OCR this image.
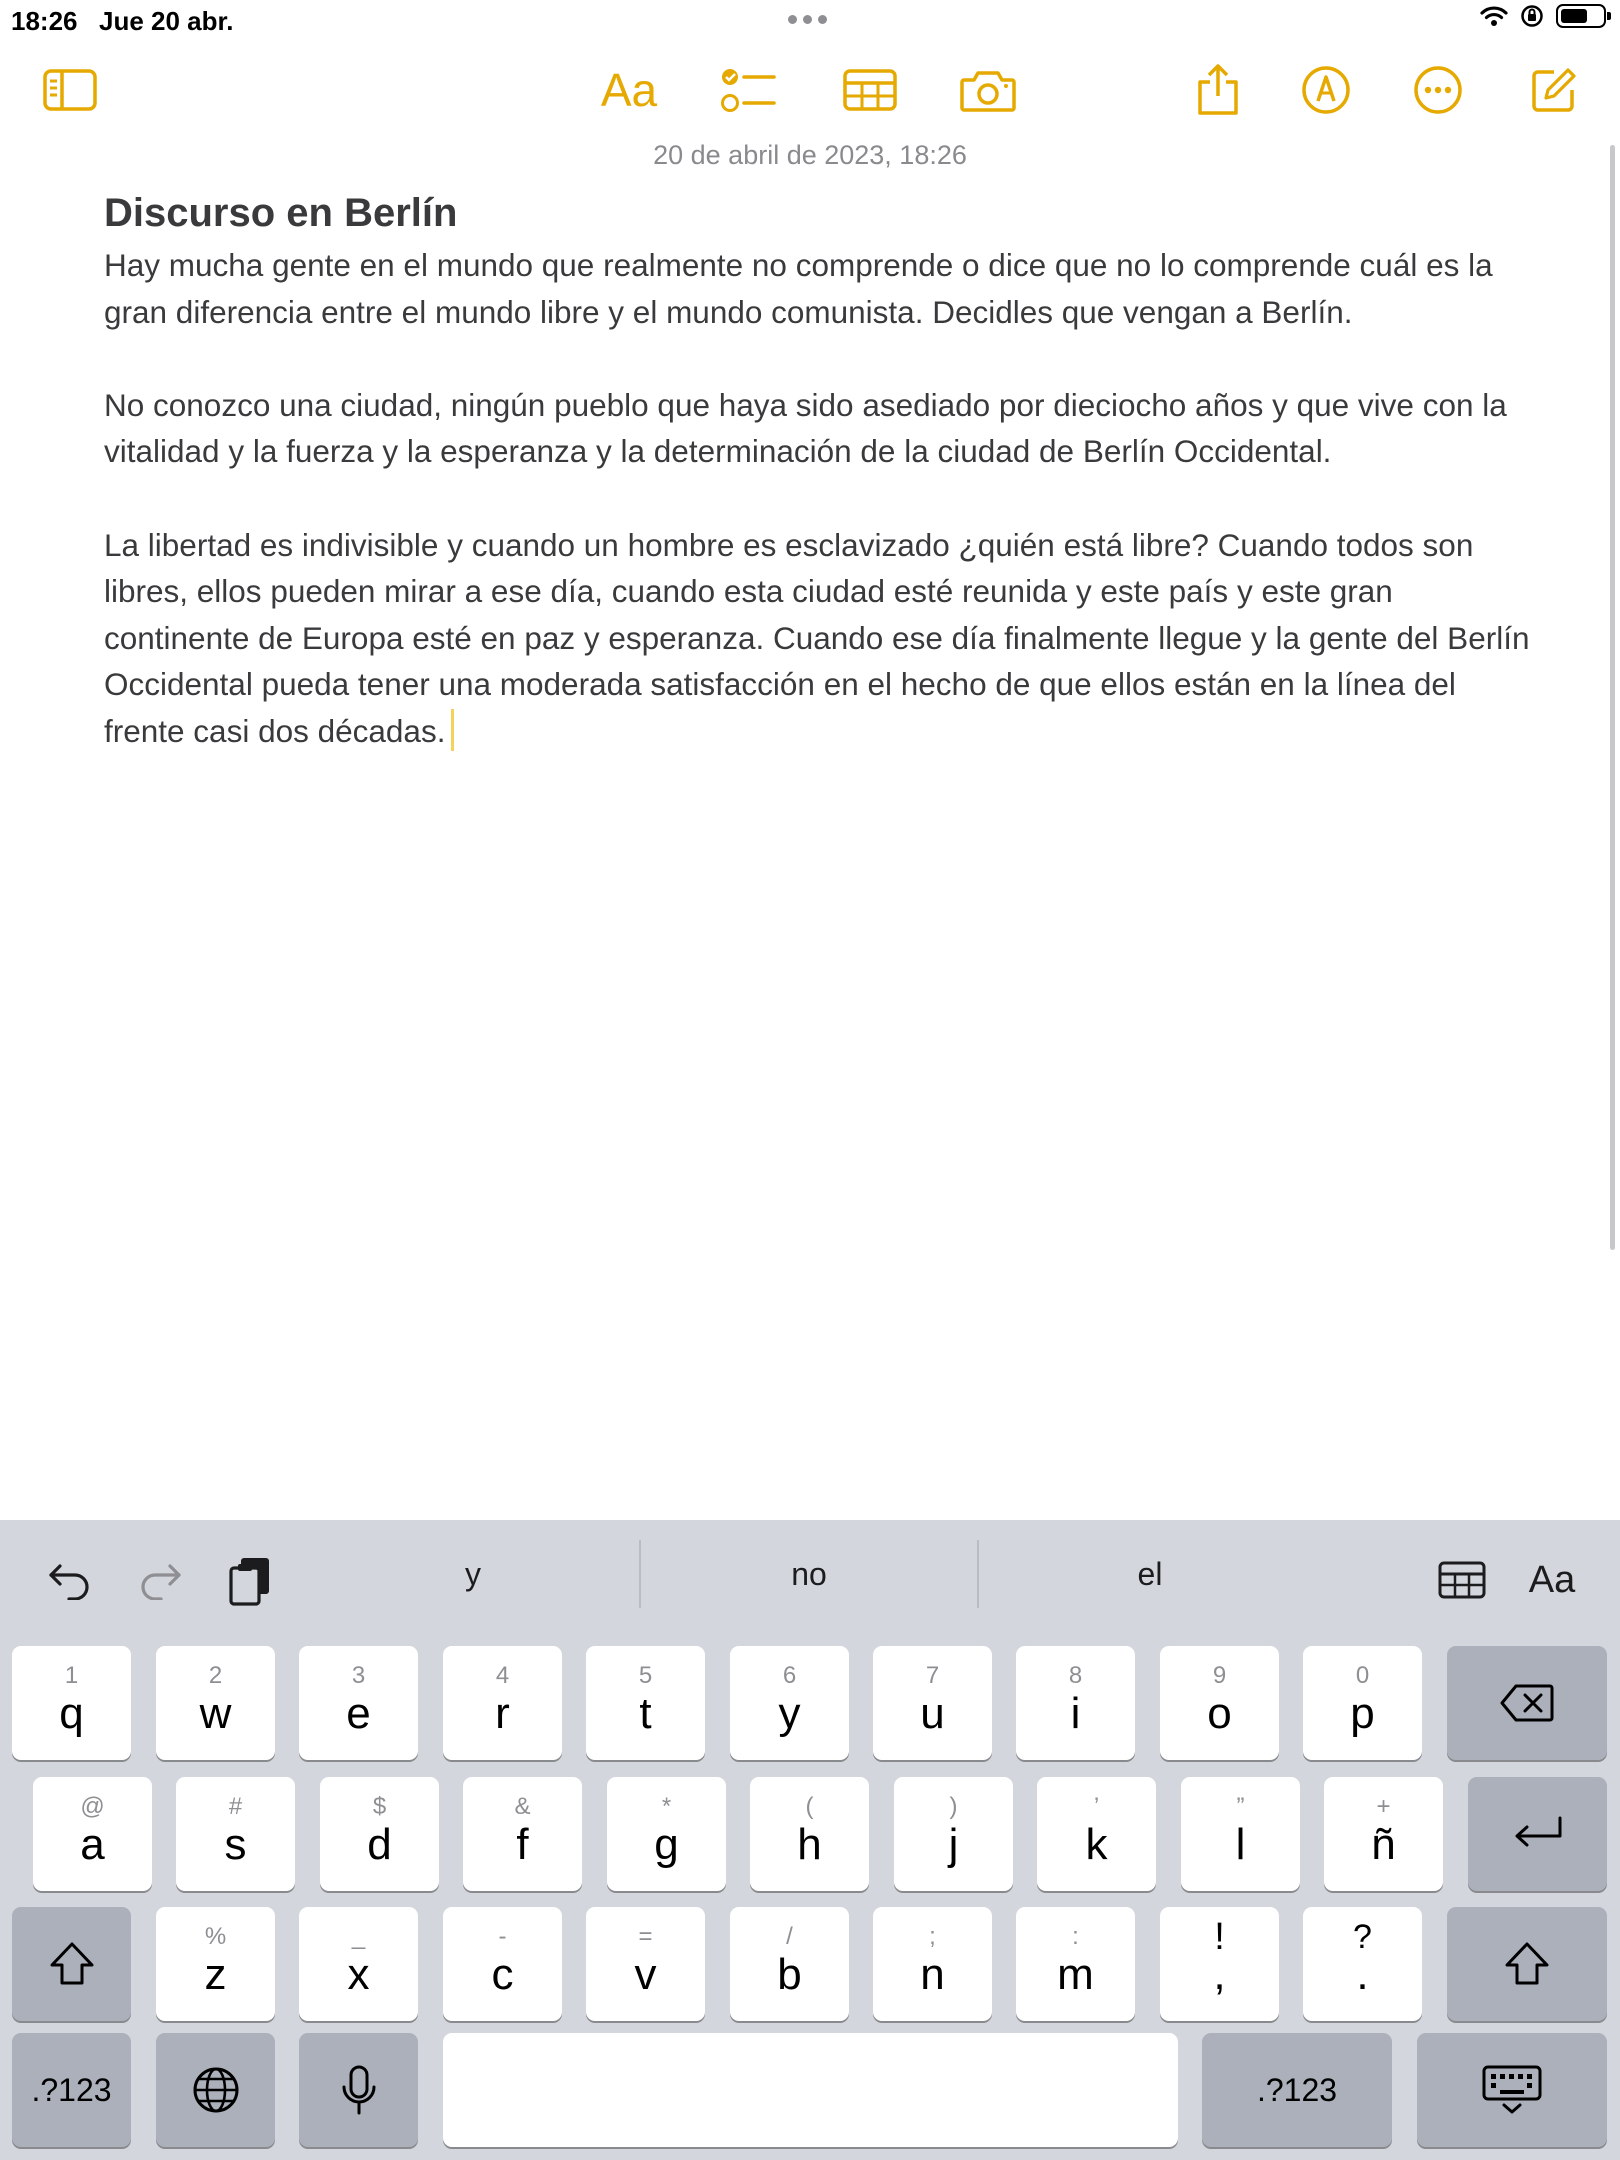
18:26 Jue 20 abr.
Aa
20 de abril de 2023, 18:26
Discurso en Berlín

Hay mucha gente en el mundo que realmente no comprende o dice que no lo comprende cuál es la gran diferencia entre el mundo libre y el mundo comunista. Decidles que vengan a Berlín.

No conozco una ciudad, ningún pueblo que haya sido asediado por dieciocho años y que vive con la vitalidad y la fuerza y la esperanza y la determinación de la ciudad de Berlín Occidental.

La libertad es indivisible y cuando un hombre es esclavizado ¿quién está libre? Cuando todos son libres, ellos pueden mirar a ese día, cuando esta ciudad esté reunida y este país y este gran continente de Europa esté en paz y esperanza. Cuando ese día finalmente llegue y la gente del Berlín Occidental pueda tener una moderada satisfacción en el hecho de que ellos están en la línea del frente casi dos décadas.

y	no	el	Aa
1
q
2
w
3
e
4
r
5
t
6
y
7
u
8
i
9
o
0
p
@
a
#
s
$
d
&
f
*
g
(
h
)
j
’
k
”
l
+
ñ
%
z
_
x
-
c
=
v
/
b
;
n
:
m
!
,
?
.
.?123	.?123
